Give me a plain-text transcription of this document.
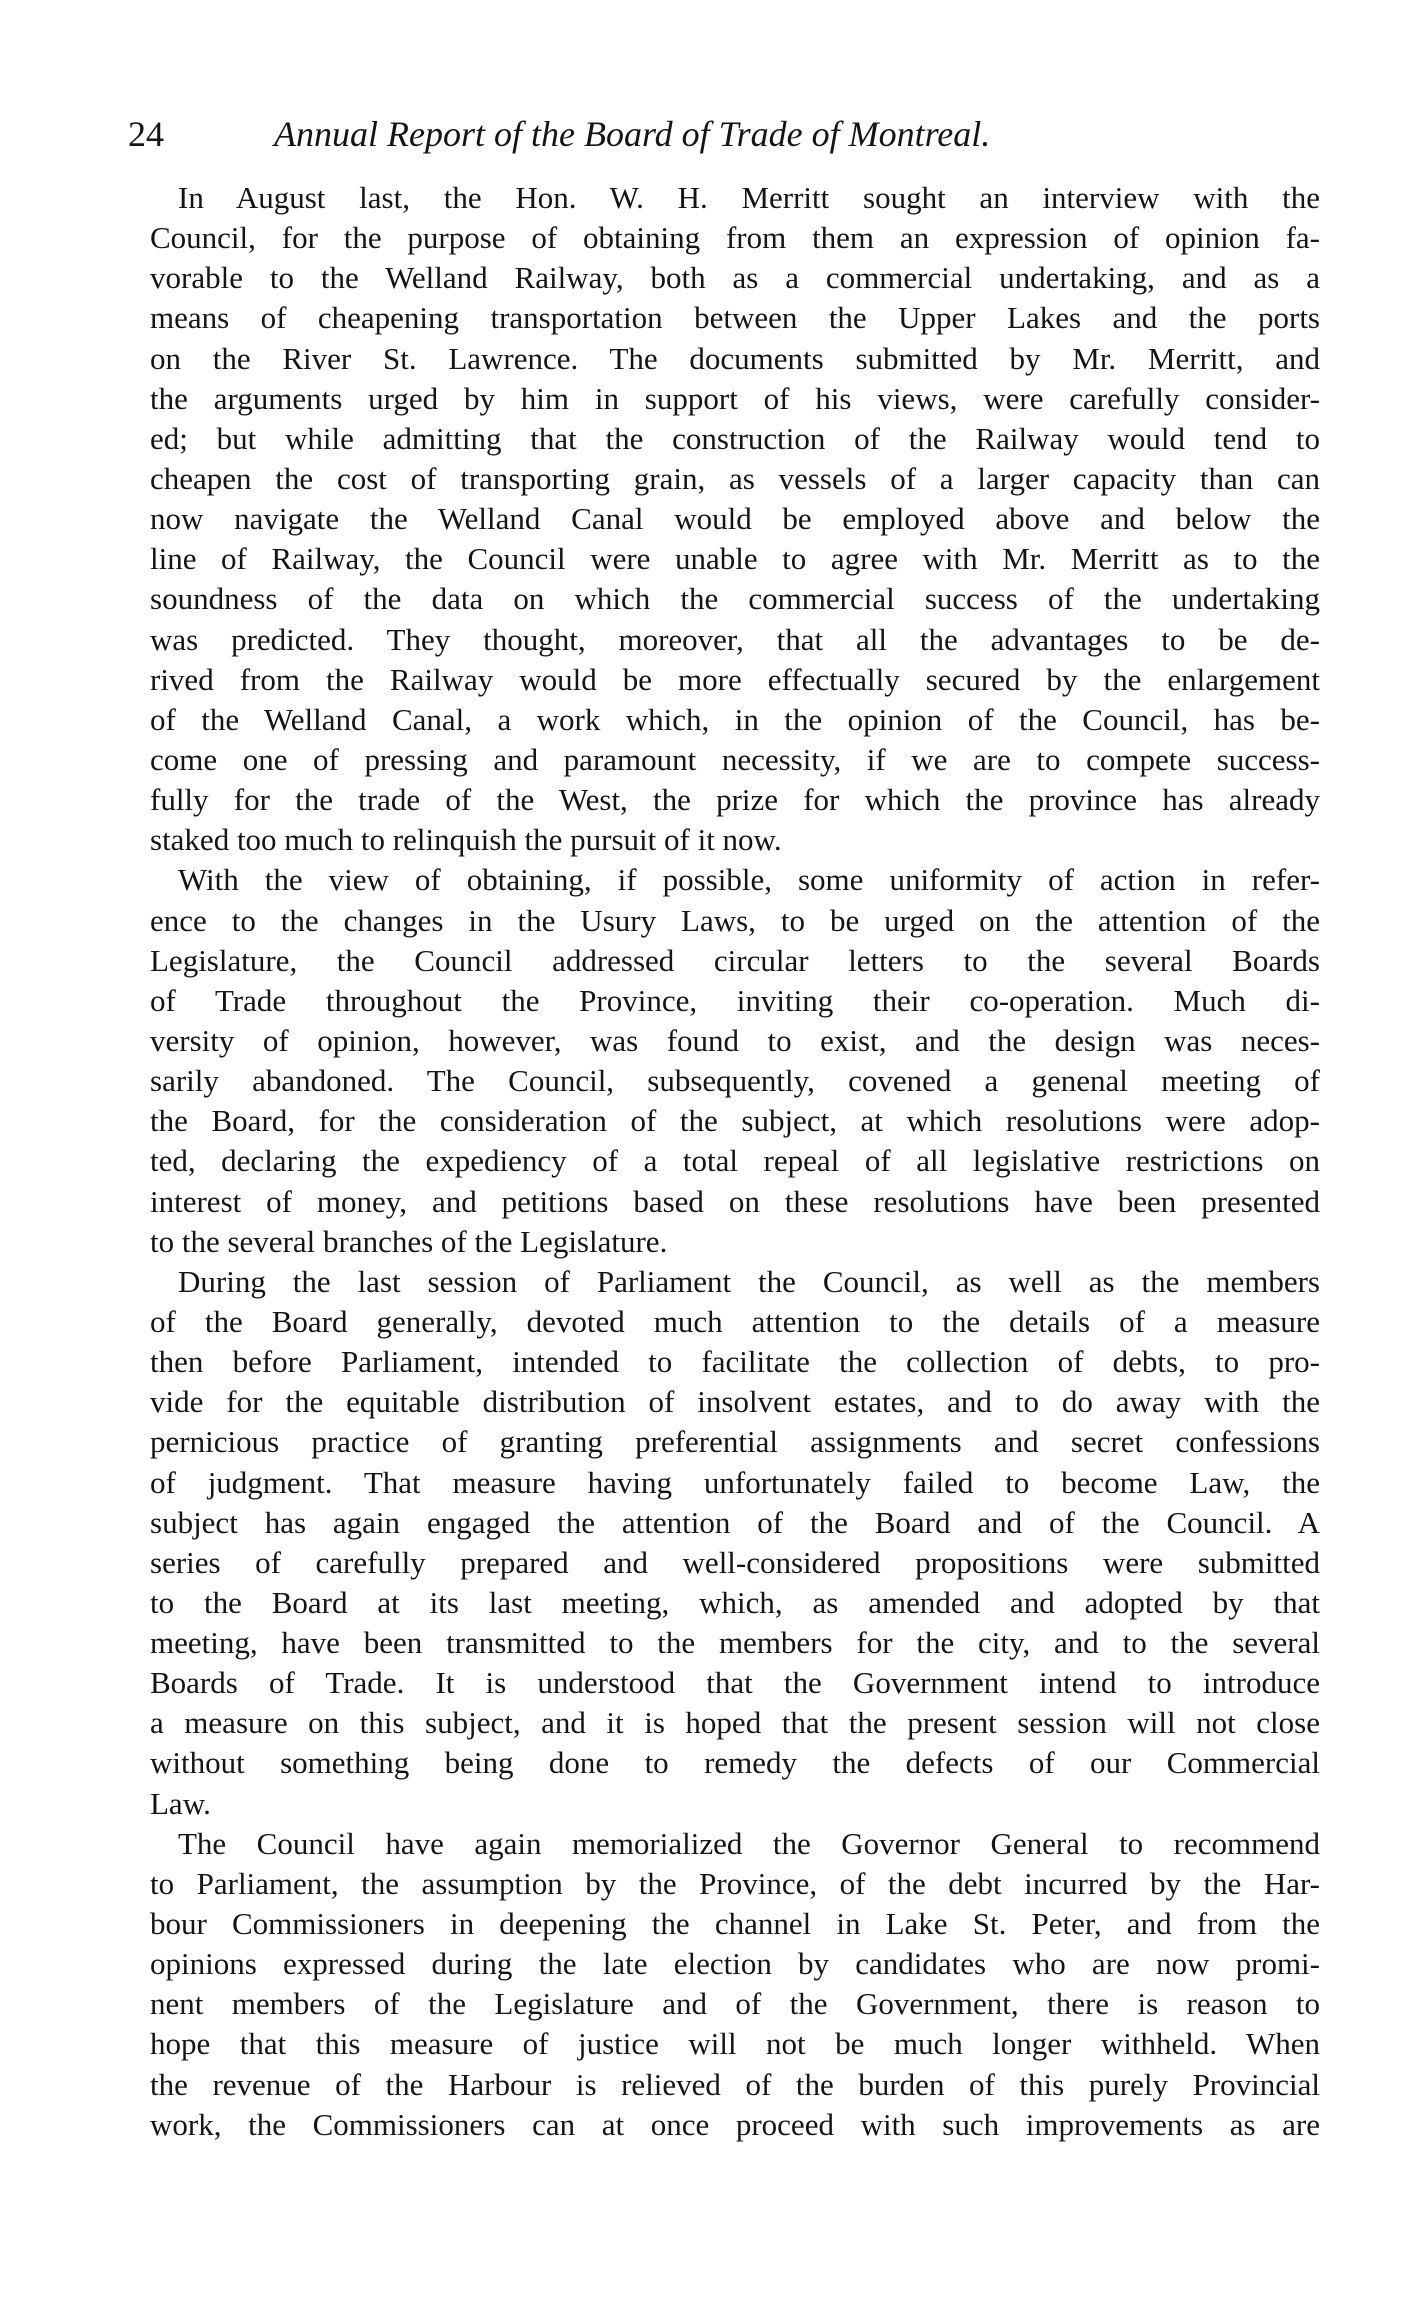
24	Annual Report of the Board of Trade of Montreal.
In August last, the Hon. W. H. Merritt sought an interview with the
Council, for the purpose of obtaining from them an expression of opinion fa-
vorable to the Welland Railway, both as a commercial undertaking, and as a
means of cheapening transportation between the Upper Lakes and the ports
on the River St. Lawrence. The documents submitted by Mr. Merritt, and
the arguments urged by him in support of his views, were carefully consider-
ed; but while admitting that the construction of the Railway would tend to
cheapen the cost of transporting grain, as vessels of a larger capacity than can
now navigate the Welland Canal would be employed above and below the
line of Railway, the Council were unable to agree with Mr. Merritt as to the
soundness of the data on which the commercial success of the undertaking
was predicted. They thought, moreover, that all the advantages to be de-
rived from the Railway would be more effectually secured by the enlargement
of the Welland Canal, a work which, in the opinion of the Council, has be-
come one of pressing and paramount necessity, if we are to compete success-
fully for the trade of the West, the prize for which the province has already
staked too much to relinquish the pursuit of it now.
With the view of obtaining, if possible, some uniformity of action in refer-
ence to the changes in the Usury Laws, to be urged on the attention of the
Legislature, the Council addressed circular letters to the several Boards
of Trade throughout the Province, inviting their co-operation. Much di-
versity of opinion, however, was found to exist, and the design was neces-
sarily abandoned. The Council, subsequently, covened a genenal meeting of
the Board, for the consideration of the subject, at which resolutions were adop-
ted, declaring the expediency of a total repeal of all legislative restrictions on
interest of money, and petitions based on these resolutions have been presented
to the several branches of the Legislature.
During the last session of Parliament the Council, as well as the members
of the Board generally, devoted much attention to the details of a measure
then before Parliament, intended to facilitate the collection of debts, to pro-
vide for the equitable distribution of insolvent estates, and to do away with the
pernicious practice of granting preferential assignments and secret confessions
of judgment. That measure having unfortunately failed to become Law, the
subject has again engaged the attention of the Board and of the Council. A
series of carefully prepared and well-considered propositions were submitted
to the Board at its last meeting, which, as amended and adopted by that
meeting, have been transmitted to the members for the city, and to the several
Boards of Trade. It is understood that the Government intend to introduce
a measure on this subject, and it is hoped that the present session will not close
without something being done to remedy the defects of our Commercial
Law.
The Council have again memorialized the Governor General to recommend
to Parliament, the assumption by the Province, of the debt incurred by the Har-
bour Commissioners in deepening the channel in Lake St. Peter, and from the
opinions expressed during the late election by candidates who are now promi-
nent members of the Legislature and of the Government, there is reason to
hope that this measure of justice will not be much longer withheld. When
the revenue of the Harbour is relieved of the burden of this purely Provincial
work, the Commissioners can at once proceed with such improvements as are
